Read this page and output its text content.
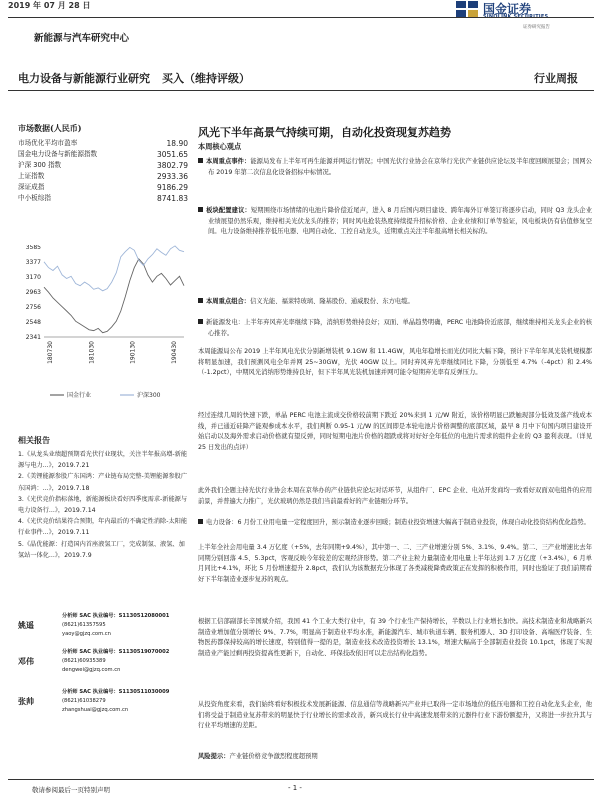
2019 年 07 月 28 日	国金证券
证券研究报告
新能源与汽车研究中心
电力设备与新能源行业研究 买入（维持评级）	行业周报
市场数据(人民币)
市场优化平均市盈率	18.90
国金电力设备与新能源指数	3051.65
沪深 300 指数	3802.79
上证指数	2933.36
深证成指	9186.29
中小板综指	8741.83
3585
3377
3170
2963
2756
2548
2341
180730	181030	190130	190430
国金行业	沪深300
相关报告
1.《从龙头业绩超预期看光伏行业现状，关注半年报高增-新能源与电力...》，2019.7.21
2.《美锂能源参股广东国鸿：产业链布局完整-美锂能源参股广东国鸿：...》，2019.7.18
3.《光伏竞价指标落地，新能源板块看好四季度需求-新能源与电力设备行...》，2019.7.14
4.《光伏竞价结果符合预期，年内最后的不确定性消除-太阳能行业事件...》，2019.7.11
5.《晶优能源：打造国内首座液氢工厂，完成制氢、液氢、加氢站一体化...》，2019.7.9
姚遥
分析师 SAC 执业编号：S1130512080001
(8621)61357595
yaoy@gjzq.com.cn
邓伟
分析师 SAC 执业编号：S1130519070002
(8621)60935389
dengwei@gjzq.com.cn
张帅
分析师 SAC 执业编号：S1130511030009
(8621)61038279
zhangshuai@gjzq.com.cn
风光下半年高景气持续可期，自动化投资现复苏趋势
本周核心观点
本周重点事件：能源局发布上半年可再生能源并网运行情况；中国光伏行业协会在京举行光伏产业链供应论坛及半年度回顾展望会；国网公布 2019 年第二次信息化设备招标中标情况。
板块配置建议：短期围绕市场情绪的电池片降价偿近尾声，进入 8 月后国内项目建设、跨年海外订单签订将逐步启动，同时 Q3 龙头企业业绩展望仍然乐观，维持相关光伏龙头的推荐；同时风电抢装热度持续提升招标价格、企业业绩和订单等验证，风电板块仍有估值修复空间。电力设备维持推荐低压电器、电网自动化、工控自动龙头，近期重点关注半年报高增长相关标的。
本周重点组合：信义光能、福莱特玻璃、隆基股份、通威股份、东方电缆。
新能源发电：上半年弃风弃光率继续下降，消纳形势维持良好；双面、单晶趋势明确，PERC 电池降价近底部，继续维持相关龙头企业的核心推荐。
本周能源局公布 2019 上半年风电光伏分别新增装机 9.1GW 和 11.4GW，风电年稳增长而光伏同比大幅下降，预计下半年年风光装机规模都将明显加速，我们预测风电全年并网 25~30GW，光伏 40GW 以上。同时弃风弃光率继续同比下降，分别低至 4.7%（-4pct）和 2.4%（-1.2pct），中期风光消纳形势维持良好，但下半年风光装机加速并网可能令短期弃光率有反弹压力。
经过连续几周的快速下跌，单晶 PERC 电池主流成交价格较前期下跌近 20%来到 1 元/W 附近，该价格明显已跌触现部分低效及落产线成本线，并已通近硅降产能观参成本水平，我们判断 0.95-1 元/W 的区间即是本轮电池片价格调整的底部区域，最早 8 月中下旬国内项目建设开始启动以及海外需求启动价格就有望反弹，同时短期电池片价格的超跌或将对好好全年低位的电池片需求的组件企业的 Q3 盈利表现。（详见 25 日发出的点评）
此外我们全题主持光伏行业协会本周在京举办的产业链供应论坛对话环节，从组件厂、EPC 企业、电站开发商均一致看好双面双电组件的应用前景，并普遍大力推广，光伏玻璃仍然是我们当前最看好的产业链细分环节。
电力设备：6 月份工业用电量一定程度回升，预示制造业逐步回暖；制造业投资增速大幅高于制造业投资，体现自动化投资结构优化趋势。
上半年全社会用电量 3.4 万亿度（+5%，去年同期+9.4%），其中第一、二、三产业增速分别 5%、3.1%、9.4%。第二、三产业增速比去年同期分别回落 4.5、5.3pct，客观反映今年较差的宏观经济形势。第二产业主粒力量制造业用电量上半年达到 1.7 万亿度（+3.4%），6 月单月同比+4.1%，环比 5 月份增速提升 2.8pct，我们认为该数据充分体现了各类减税降费政策正在发挥的积极作用，同时也验证了我们前期看好下半年制造业逐步复苏的观点。
根据工信部副部长辛国斌介绍，我国 41 个工业大类行业中，有 39 个行业生产保持增长，半数以上行业增长加快。高技术制造业和战略新兴制造业增加值分别增长 9%、7.7%，明显高于制造业平均水准，新能源汽车、城市轨道车辆、服务机器人、3D 打印设备、高端医疗装备、生物医药都保持较高的增长速度，特别值得一提的是，制造业技术改造投资增长 13.1%，增速大幅高于全部制造业投资 10.1pct，体现了实现制造业产能过剩再投资提高性更新下，自动化、环保技改依旧可以走出结构化趋势。
从投资角度来看，我们始终看好积极技术发展新能源、信息通信等战略新兴产业并已取得一定市场地位的低压电器和工控自动化龙头企业，他们将受益于制造业复苏带来的明显快于行业增长的需求改善，新兴成长行业中高速发展带来的元器件行业下游份额提升，又将进一步拉升其与行业平均增速的差距。
风险提示：产业链价格竞争激烈程度超预期
敬请参阅最后一页特别声明	- 1 -
